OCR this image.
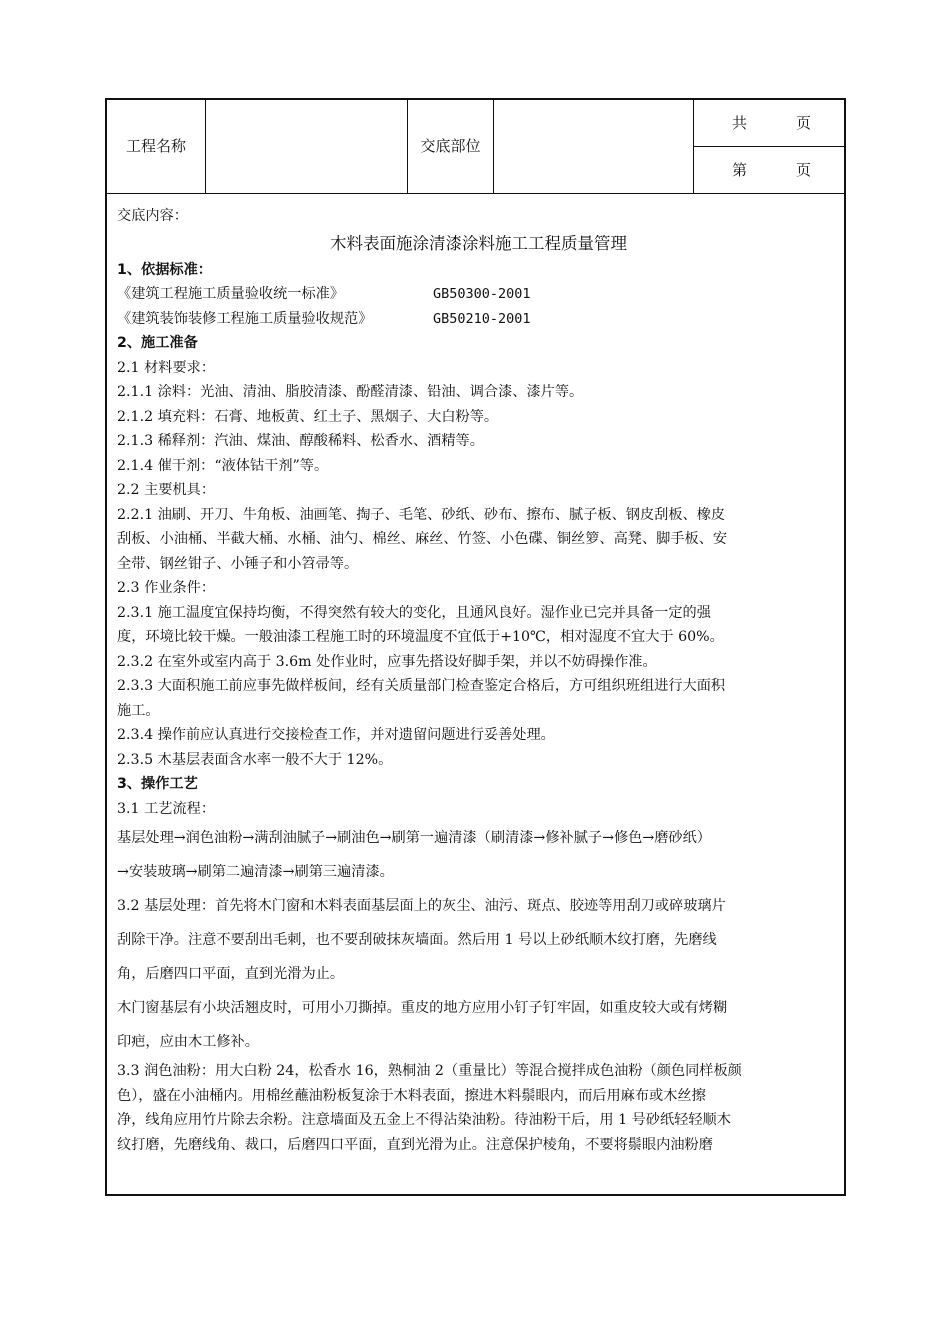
工程名称	交底部位
共	页
第	页
交底内容：
木料表面施涂清漆涂料施工工程质量管理
1、依据标准：
《建筑工程施工质量验收统一标准》	GB50300-2001
《建筑装饰装修工程施工质量验收规范》	GB50210-2001
2、施工准备
2.1 材料要求：
2.1.1 涂料：光油、清油、脂胶清漆、酚醛清漆、铅油、调合漆、漆片等。
2.1.2 填充料：石膏、地板黄、红土子、黑烟子、大白粉等。
2.1.3 稀释剂：汽油、煤油、醇酸稀料、松香水、酒精等。
2.1.4 催干剂：“液体钴干剂”等。
2.2 主要机具：
2.2.1 油刷、开刀、牛角板、油画笔、掏子、毛笔、砂纸、砂布、擦布、腻子板、钢皮刮板、橡皮
刮板、小油桶、半截大桶、水桶、油勺、棉丝、麻丝、竹签、小色碟、铜丝箩、高凳、脚手板、安
全带、钢丝钳子、小锤子和小笤帚等。
2.3 作业条件：
2.3.1 施工温度宜保持均衡，不得突然有较大的变化，且通风良好。湿作业已完并具备一定的强
度，环境比较干燥。一般油漆工程施工时的环境温度不宜低于+10℃，相对湿度不宜大于 60%。
2.3.2 在室外或室内高于 3.6m 处作业时，应事先搭设好脚手架，并以不妨碍操作准。
2.3.3 大面积施工前应事先做样板间，经有关质量部门检查鉴定合格后，方可组织班组进行大面积
施工。
2.3.4 操作前应认真进行交接检查工作，并对遗留问题进行妥善处理。
2.3.5 木基层表面含水率一般不大于 12%。
3、操作工艺
3.1 工艺流程：
基层处理→润色油粉→满刮油腻子→刷油色→刷第一遍清漆（刷清漆→修补腻子→修色→磨砂纸）
→安装玻璃→刷第二遍清漆→刷第三遍清漆。
3.2 基层处理：首先将木门窗和木料表面基层面上的灰尘、油污、斑点、胶迹等用刮刀或碎玻璃片
刮除干净。注意不要刮出毛刺，也不要刮破抹灰墙面。然后用 1 号以上砂纸顺木纹打磨，先磨线
角，后磨四口平面，直到光滑为止。
木门窗基层有小块活翘皮时，可用小刀撕掉。重皮的地方应用小钉子钉牢固，如重皮较大或有烤糊
印疤，应由木工修补。
3.3 润色油粉：用大白粉 24，松香水 16，熟桐油 2（重量比）等混合搅拌成色油粉（颜色同样板颜
色），盛在小油桶内。用棉丝蘸油粉板复涂于木料表面，擦进木料鬃眼内，而后用麻布或木丝擦
净，线角应用竹片除去余粉。注意墙面及五金上不得沾染油粉。待油粉干后，用 1 号砂纸轻轻顺木
纹打磨，先磨线角、裁口，后磨四口平面，直到光滑为止。注意保护棱角，不要将鬃眼内油粉磨
